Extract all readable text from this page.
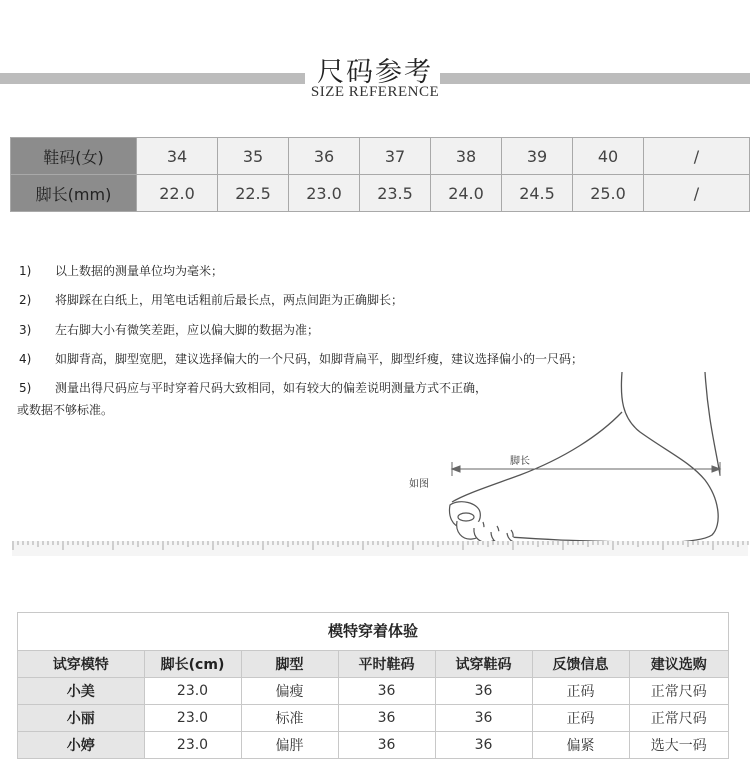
尺码参考
SIZE REFERENCE
鞋码(女)	34	35	36	37	38	39	40	/
脚长(mm)	22.0	22.5	23.0	23.5	24.0	24.5	25.0	/
1) 以上数据的测量单位均为毫米；
2) 将脚踩在白纸上，用笔电话粗前后最长点，两点间距为正确脚长；
3) 左右脚大小有微笑差距，应以偏大脚的数据为准；
4) 如脚背高，脚型宽肥，建议选择偏大的一个尺码，如脚背扁平，脚型纤瘦，建议选择偏小的一尺码；
5) 测量出得尺码应与平时穿着尺码大致相同，如有较大的偏差说明测量方式不正确，
或数据不够标准。
脚长
如图
模特穿着体验
试穿模特	脚长(cm)	脚型	平时鞋码	试穿鞋码	反馈信息	建议选购
小美	23.0	偏瘦	36	36	正码	正常尺码
小丽	23.0	标准	36	36	正码	正常尺码
小婷	23.0	偏胖	36	36	偏紧	选大一码
